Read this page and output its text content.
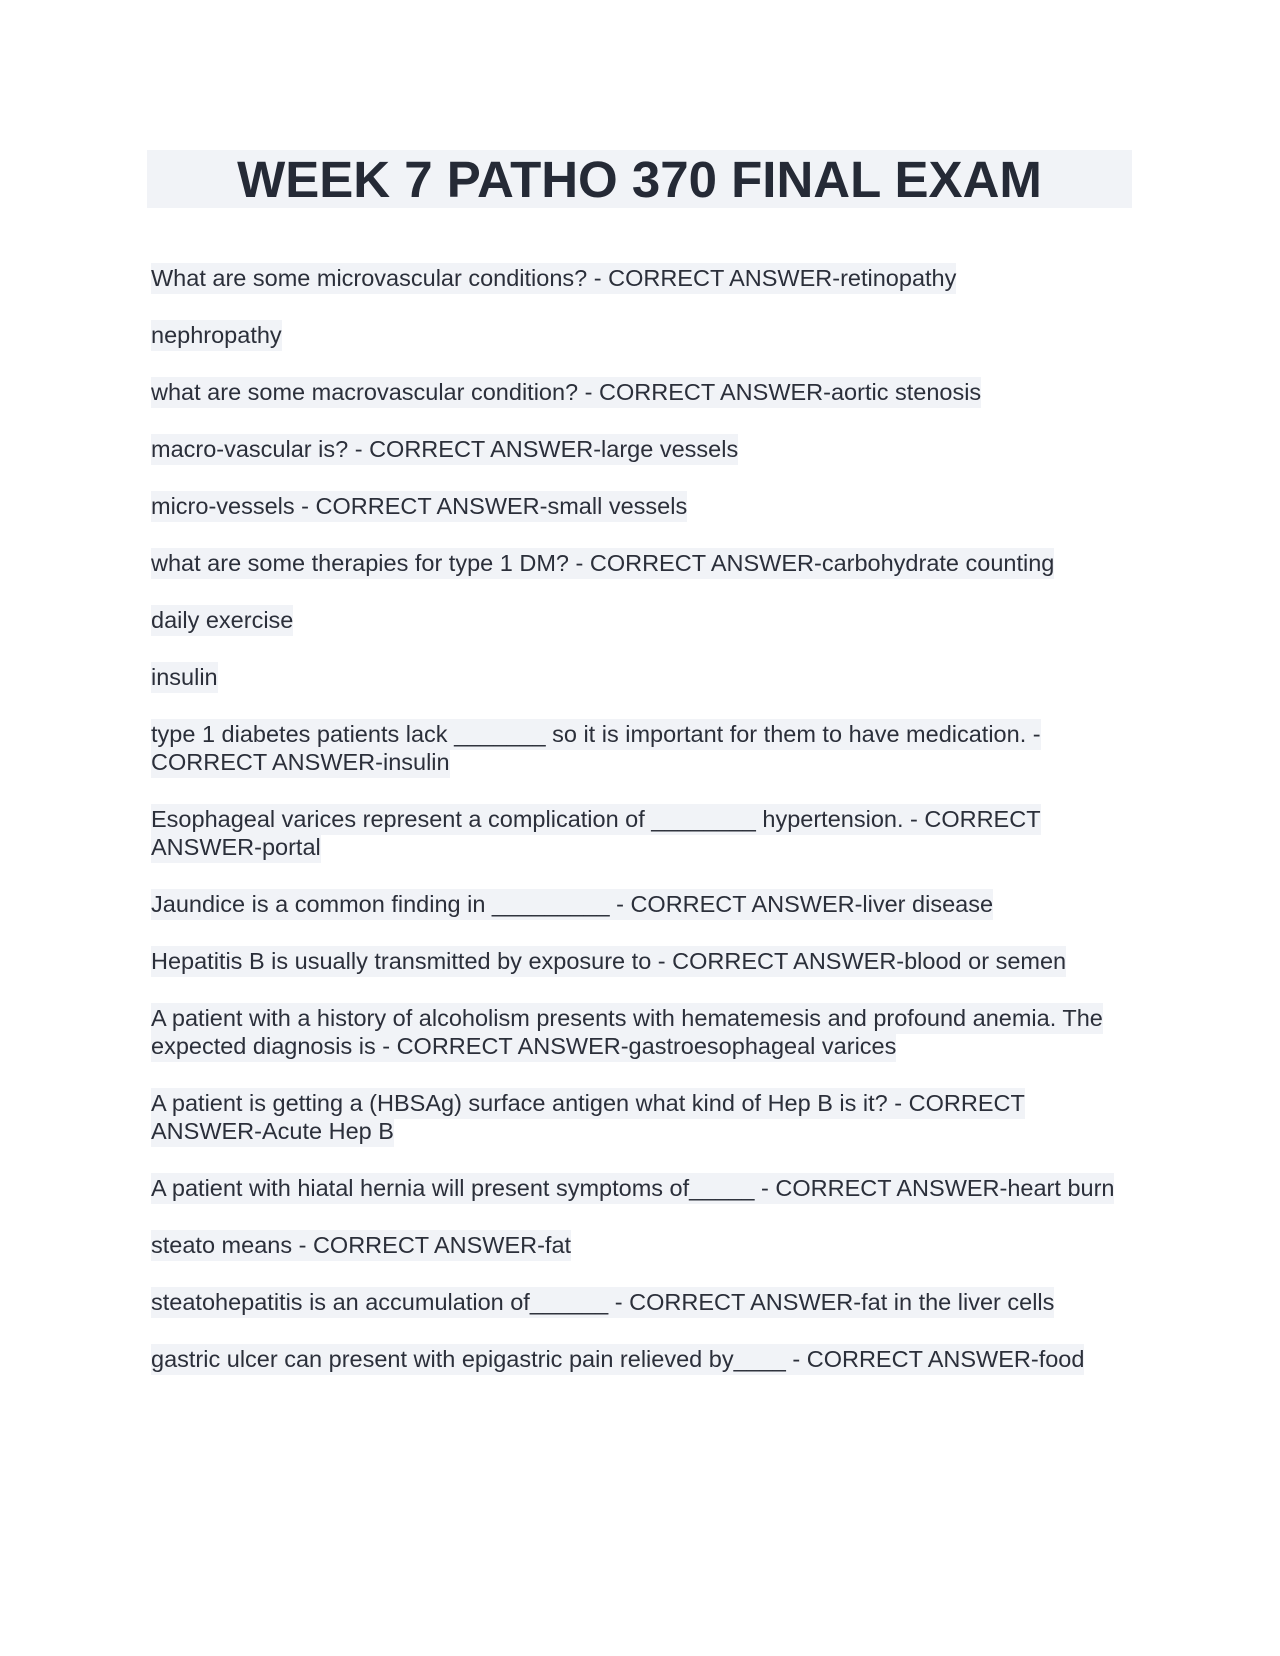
WEEK 7 PATHO 370 FINAL EXAM

What are some microvascular conditions? - CORRECT ANSWER-retinopathy

nephropathy

what are some macrovascular condition? - CORRECT ANSWER-aortic stenosis

macro-vascular is? - CORRECT ANSWER-large vessels

micro-vessels - CORRECT ANSWER-small vessels

what are some therapies for type 1 DM? - CORRECT ANSWER-carbohydrate counting

daily exercise

insulin

type 1 diabetes patients lack _______ so it is important for them to have medication. - CORRECT ANSWER-insulin

Esophageal varices represent a complication of ________ hypertension. - CORRECT ANSWER-portal

Jaundice is a common finding in _________ - CORRECT ANSWER-liver disease

Hepatitis B is usually transmitted by exposure to - CORRECT ANSWER-blood or semen

A patient with a history of alcoholism presents with hematemesis and profound anemia. The expected diagnosis is - CORRECT ANSWER-gastroesophageal varices

A patient is getting a (HBSAg) surface antigen what kind of Hep B is it? - CORRECT ANSWER-Acute Hep B

A patient with hiatal hernia will present symptoms of_____ - CORRECT ANSWER-heart burn

steato means - CORRECT ANSWER-fat

steatohepatitis is an accumulation of______ - CORRECT ANSWER-fat in the liver cells

gastric ulcer can present with epigastric pain relieved by____ - CORRECT ANSWER-food
